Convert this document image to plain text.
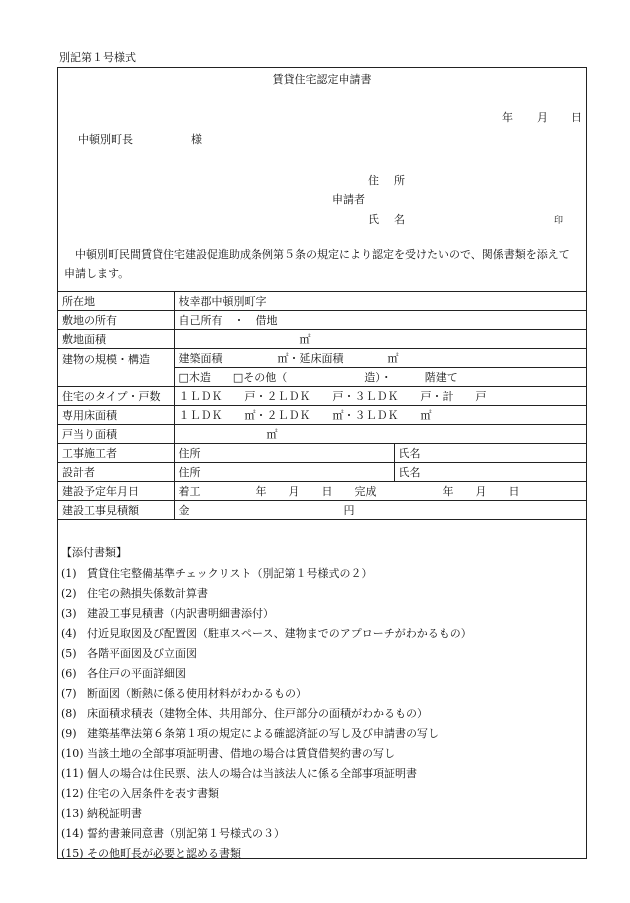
別記第１号様式
賃貸住宅認定申請書
年 月 日
中頓別町長	様
住　所
申請者
氏　名	印
中頓別町民間賃貸住宅建設促進助成条例第５条の規定により認定を受けたいので、関係書類を添えて申請します。
所在地	枝幸郡中頓別町字	
敷地の所有	自己所有　・　借地	
敷地面積	　　　　　　　　　　　㎡	
建物の規模・構造	建築面積　　　　　㎡・延床面積　　　　㎡	
	□木造　　□その他（　　　　　　　造）・　　　階建て	
住宅のタイプ・戸数	１ＬＤＫ　　戸・２ＬＤＫ　　戸・３ＬＤＫ　　戸・計　　戸	
専用床面積	１ＬＤＫ　　㎡・２ＬＤＫ　　㎡・３ＬＤＫ　　㎡	
戸当り面積	　　　　　　　　㎡	
工事施工者	住所	氏名
設計者	住所	氏名
建設予定年月日	着工　　　　　年　　月　　日　　完成　　　　　　年　　月　　日	
建設工事見積額	金　　　　　　　　　　　　　　円	
【添付書類】
(1) 賃貸住宅整備基準チェックリスト（別記第１号様式の２）
(2) 住宅の熱損失係数計算書
(3) 建設工事見積書（内訳書明細書添付）
(4) 付近見取図及び配置図（駐車スペース、建物までのアプローチがわかるもの）
(5) 各階平面図及び立面図
(6) 各住戸の平面詳細図
(7) 断面図（断熱に係る使用材料がわかるもの）
(8) 床面積求積表（建物全体、共用部分、住戸部分の面積がわかるもの）
(9) 建築基準法第６条第１項の規定による確認済証の写し及び申請書の写し
(10) 当該土地の全部事項証明書、借地の場合は賃貸借契約書の写し
(11) 個人の場合は住民票、法人の場合は当該法人に係る全部事項証明書
(12) 住宅の入居条件を表す書類
(13) 納税証明書
(14) 誓約書兼同意書（別記第１号様式の３）
(15) その他町長が必要と認める書類
